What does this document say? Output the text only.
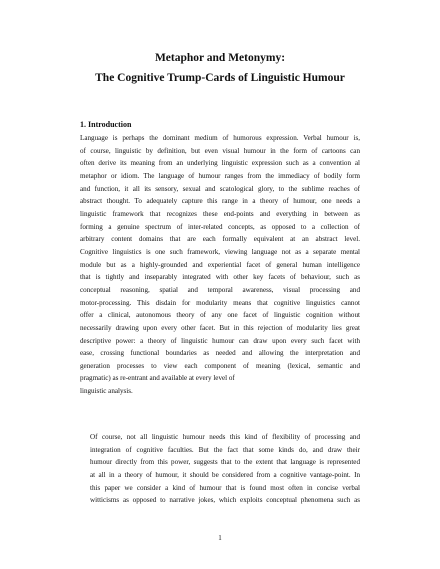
Metaphor and Metonymy:
The Cognitive Trump-Cards of Linguistic Humour
1. Introduction
Language is perhaps the dominant medium of humorous expression. Verbal humour is,
of course, linguistic by definition, but even visual humour in the form of cartoons can
often derive its meaning from an underlying linguistic expression such as a convention al
metaphor or idiom. The language of humour ranges from the immediacy of bodily form
and function, it all its sensory, sexual and scatological glory, to the sublime reaches of
abstract thought. To adequately capture this range in a theory of humour, one needs a
linguistic framework that recognizes these end-points and everything in between as
forming a genuine spectrum of inter-related concepts, as opposed to a collection of
arbitrary content domains that are each formally equivalent at an abstract level.
Cognitive linguistics is one such framework, viewing language not as a separate mental
module but as a highly-grounded and experiential facet of general human intelligence
that is tightly and inseparably integrated with other key facets of behaviour, such as
conceptual reasoning, spatial and temporal awareness, visual processing and
motor-processing. This disdain for modularity means that cognitive linguistics cannot
offer a clinical, autonomous theory of any one facet of linguistic cognition without
necessarily drawing upon every other facet. But in this rejection of modularity lies great
descriptive power: a theory of linguistic humour can draw upon every such facet with
ease, crossing functional boundaries as needed and allowing the interpretation and
generation processes to view each component of meaning (lexical, semantic and
pragmatic) as re-entrant and available at every level of
linguistic analysis.
Of course, not all linguistic humour needs this kind of flexibility of processing and
integration of cognitive faculties. But the fact that some kinds do, and draw their
humour directly from this power, suggests that to the extent that language is represented
at all in a theory of humour, it should be considered from a cognitive vantage-point. In
this paper we consider a kind of humour that is found most often in concise verbal
witticisms as opposed to narrative jokes, which exploits conceptual phenomena such as
1
